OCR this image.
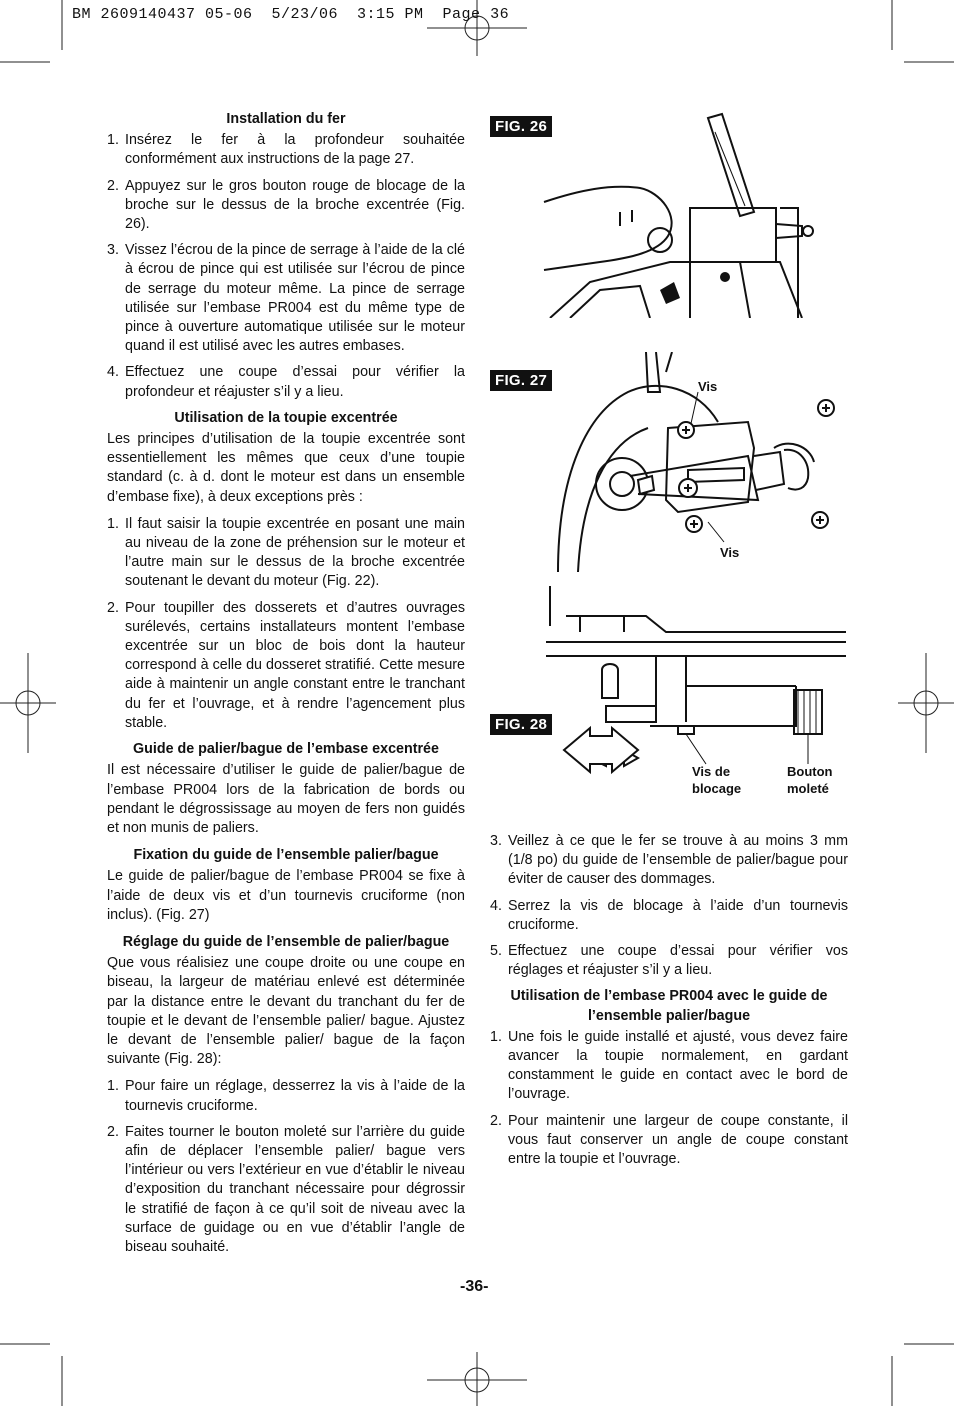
BM 2609140437 05-06  5/23/06  3:15 PM  Page 36
Installation du fer
1. Insérez le fer à la profondeur souhaitée conformément aux instructions de la page 27.
2. Appuyez sur le gros bouton rouge de blocage de la broche sur le dessus de la broche excentrée (Fig. 26).
3. Vissez l’écrou de la pince de serrage à l’aide de la clé à écrou de pince qui est utilisée sur l’écrou de pince de serrage du moteur même. La pince de serrage utilisée sur l’embase PR004 est du même type de pince à ouverture automatique utilisée sur le moteur quand il est utilisé avec les autres embases.
4. Effectuez une coupe d’essai pour vérifier la profondeur et réajuster s’il y a lieu.
Utilisation de la toupie excentrée
Les principes d’utilisation de la toupie excentrée sont essentiellement les mêmes que ceux d’une toupie standard (c. à d. dont le moteur est dans un ensemble d’embase fixe), à deux exceptions près :
1. Il faut saisir la toupie excentrée en posant une main au niveau de la zone de préhension sur le moteur et l’autre main sur le dessus de la broche excentrée soutenant le devant du moteur (Fig. 22).
2. Pour toupiller des dosserets et d’autres ouvrages surélevés, certains installateurs montent l’embase excentrée sur un bloc de bois dont la hauteur correspond à celle du dosseret stratifié. Cette mesure aide à maintenir un angle constant entre le tranchant du fer et l’ouvrage, et à rendre l’agencement plus stable.
Guide de palier/bague de l’embase excentrée
Il est nécessaire d’utiliser le guide de palier/bague de l’embase PR004 lors de la fabrication de bords ou pendant le dégrossissage au moyen de fers non guidés et non munis de paliers.
Fixation du guide de l’ensemble palier/bague
Le guide de palier/bague de l’embase PR004 se fixe à l’aide de deux vis et d’un tournevis cruciforme (non inclus). (Fig. 27)
Réglage du guide de l’ensemble de palier/bague
Que vous réalisiez une coupe droite ou une coupe en biseau, la largeur de matériau enlevé est déterminée par la distance entre le devant du tranchant du fer de toupie et le devant de l’ensemble palier/ bague. Ajustez le devant de l’ensemble palier/ bague de la façon suivante (Fig. 28):
1. Pour faire un réglage, desserrez la vis à l’aide de la tournevis cruciforme.
2. Faites tourner le bouton moleté sur l’arrière du guide afin de déplacer l’ensemble palier/ bague vers l’intérieur ou vers l’extérieur en vue d’établir le niveau d’exposition du tranchant nécessaire pour dégrossir le stratifié de façon à ce qu’il soit de niveau avec la surface de guidage ou en vue d’établir l’angle de biseau souhaité.
FIG. 26
FIG. 27	Vis
Vis
FIG. 28
Vis de
blocage
Bouton
moleté
3. Veillez à ce que le fer se trouve à au moins 3 mm (1/8 po) du guide de l’ensemble de palier/bague pour éviter de causer des dommages.
4. Serrez la vis de blocage à l’aide d’un tournevis cruciforme.
5. Effectuez une coupe d’essai pour vérifier vos réglages et réajuster s’il y a lieu.
Utilisation de l’embase PR004 avec le guide de l’ensemble palier/bague
1. Une fois le guide installé et ajusté, vous devez faire avancer la toupie normalement, en gardant constamment le guide en contact avec le bord de l’ouvrage.
2. Pour maintenir une largeur de coupe constante, il vous faut conserver un angle de coupe constant entre la toupie et l’ouvrage.
-36-
